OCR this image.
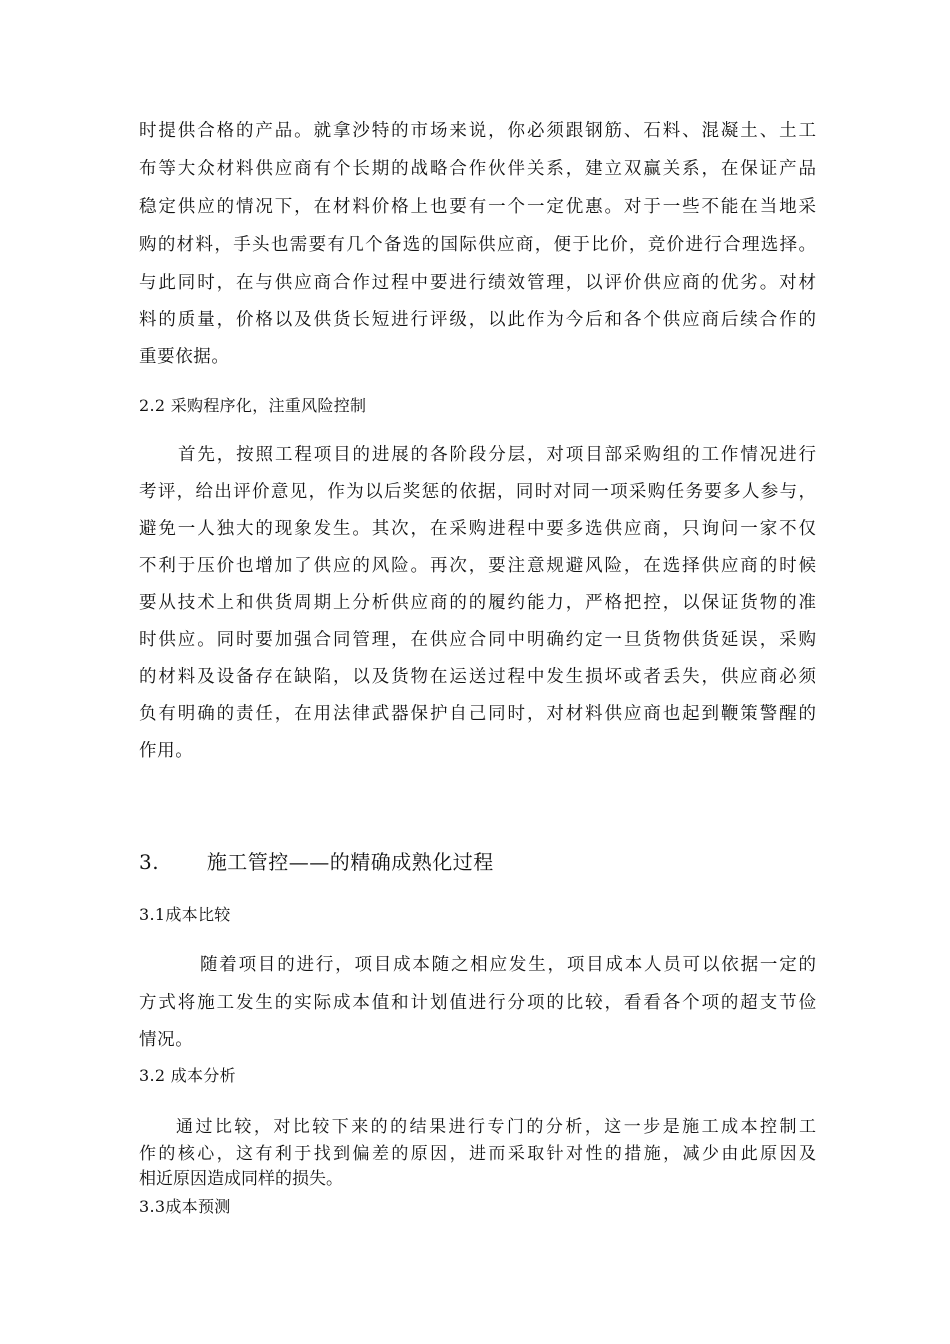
时提供合格的产品。就拿沙特的市场来说，你必须跟钢筋、石料、混凝土、土工
布等大众材料供应商有个长期的战略合作伙伴关系，建立双赢关系，在保证产品
稳定供应的情况下，在材料价格上也要有一个一定优惠。对于一些不能在当地采
购的材料，手头也需要有几个备选的国际供应商，便于比价，竞价进行合理选择。
与此同时，在与供应商合作过程中要进行绩效管理，以评价供应商的优劣。对材
料的质量，价格以及供货长短进行评级，以此作为今后和各个供应商后续合作的
重要依据。
2.2 采购程序化，注重风险控制
首先，按照工程项目的进展的各阶段分层，对项目部采购组的工作情况进行
考评，给出评价意见，作为以后奖惩的依据，同时对同一项采购任务要多人参与，
避免一人独大的现象发生。其次，在采购进程中要多选供应商，只询问一家不仅
不利于压价也增加了供应的风险。再次，要注意规避风险，在选择供应商的时候
要从技术上和供货周期上分析供应商的的履约能力，严格把控，以保证货物的准
时供应。同时要加强合同管理，在供应合同中明确约定一旦货物供货延误，采购
的材料及设备存在缺陷，以及货物在运送过程中发生损坏或者丢失，供应商必须
负有明确的责任，在用法律武器保护自己同时，对材料供应商也起到鞭策警醒的
作用。
3. 施工管控——的精确成熟化过程
3.1成本比较
随着项目的进行，项目成本随之相应发生，项目成本人员可以依据一定的
方式将施工发生的实际成本值和计划值进行分项的比较，看看各个项的超支节俭
情况。
3.2 成本分析
通过比较，对比较下来的的结果进行专门的分析，这一步是施工成本控制工
作的核心，这有利于找到偏差的原因，进而采取针对性的措施，减少由此原因及
相近原因造成同样的损失。
3.3成本预测
